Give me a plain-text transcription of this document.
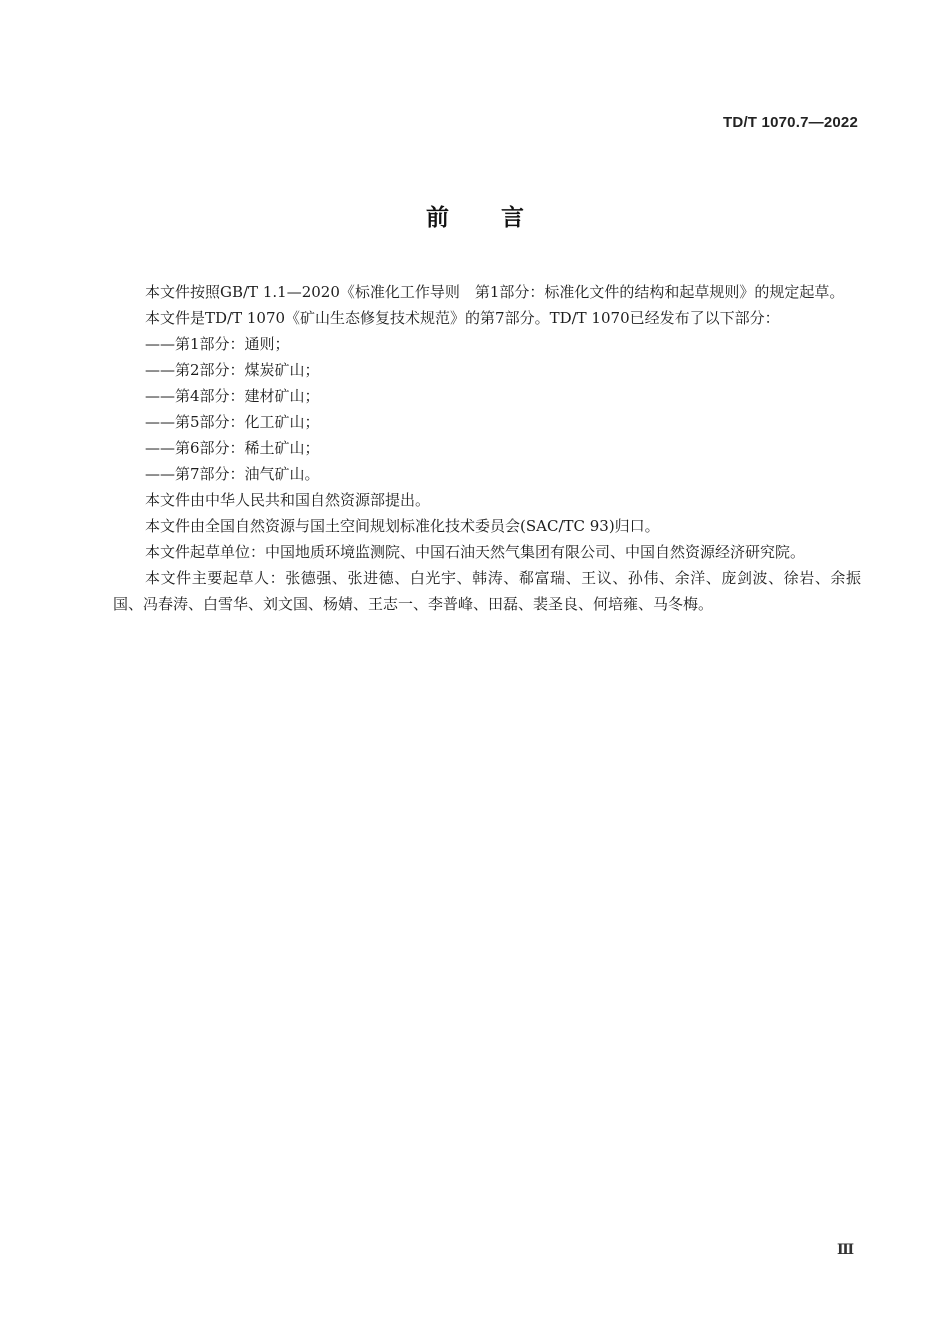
TD/T 1070.7—2022
前言

本文件按照GB/T 1.1—2020《标准化工作导则　第1部分：标准化文件的结构和起草规则》的规定起草。

本文件是TD/T 1070《矿山生态修复技术规范》的第7部分。TD/T 1070已经发布了以下部分：

——第1部分：通则；

——第2部分：煤炭矿山；

——第4部分：建材矿山；

——第5部分：化工矿山；

——第6部分：稀土矿山；

——第7部分：油气矿山。

本文件由中华人民共和国自然资源部提出。

本文件由全国自然资源与国土空间规划标准化技术委员会(SAC/TC 93)归口。

本文件起草单位：中国地质环境监测院、中国石油天然气集团有限公司、中国自然资源经济研究院。

本文件主要起草人：张德强、张进德、白光宇、韩涛、郗富瑞、王议、孙伟、余洋、庞剑波、徐岩、余振国、冯春涛、白雪华、刘文国、杨婧、王志一、李普峰、田磊、裴圣良、何培雍、马冬梅。

Ⅲ
